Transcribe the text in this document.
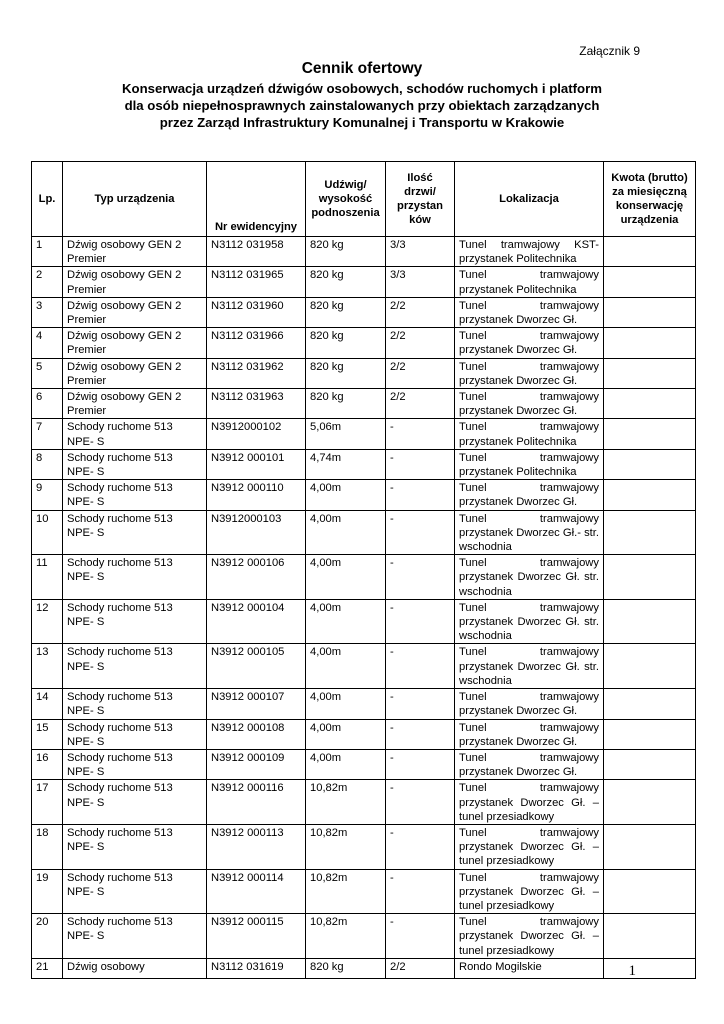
Załącznik 9
Cennik ofertowy
Konserwacja urządzeń dźwigów osobowych, schodów ruchomych i platform
dla osób niepełnosprawnych zainstalowanych przy obiektach zarządzanych
przez Zarząd Infrastruktury Komunalnej i Transportu w Krakowie
Lp.	Typ urządzenia	Nr ewidencyjny	Udźwig/ wysokość podnoszenia	Ilość drzwi/ przystan ków	Lokalizacja	Kwota (brutto) za miesięczną konserwację urządzenia
1	Dźwig osobowy GEN 2 Premier	N3112 031958	820 kg	3/3	Tunel tramwajowy KST- przystanek Politechnika	
2	Dźwig osobowy GEN 2 Premier	N3112 031965	820 kg	3/3	Tunel tramwajowy przystanek Politechnika	
3	Dźwig osobowy GEN 2 Premier	N3112 031960	820 kg	2/2	Tunel tramwajowy przystanek Dworzec Gł.	
4	Dźwig osobowy GEN 2 Premier	N3112 031966	820 kg	2/2	Tunel tramwajowy przystanek Dworzec Gł.	
5	Dźwig osobowy GEN 2 Premier	N3112 031962	820 kg	2/2	Tunel tramwajowy przystanek Dworzec Gł.	
6	Dźwig osobowy GEN 2 Premier	N3112 031963	820 kg	2/2	Tunel tramwajowy przystanek Dworzec Gł.	
7	Schody ruchome 513 NPE- S	N3912000102	5,06m	-	Tunel tramwajowy przystanek Politechnika	
8	Schody ruchome 513 NPE- S	N3912 000101	4,74m	-	Tunel tramwajowy przystanek Politechnika	
9	Schody ruchome 513 NPE- S	N3912 000110	4,00m	-	Tunel tramwajowy przystanek Dworzec Gł.	
10	Schody ruchome 513 NPE- S	N3912000103	4,00m	-	Tunel tramwajowy przystanek Dworzec Gł.- str. wschodnia	
11	Schody ruchome 513 NPE- S	N3912 000106	4,00m	-	Tunel tramwajowy przystanek Dworzec Gł. str. wschodnia	
12	Schody ruchome 513 NPE- S	N3912 000104	4,00m	-	Tunel tramwajowy przystanek Dworzec Gł. str. wschodnia	
13	Schody ruchome 513 NPE- S	N3912 000105	4,00m	-	Tunel tramwajowy przystanek Dworzec Gł. str. wschodnia	
14	Schody ruchome 513 NPE- S	N3912 000107	4,00m	-	Tunel tramwajowy przystanek Dworzec Gł.	
15	Schody ruchome 513 NPE- S	N3912 000108	4,00m	-	Tunel tramwajowy przystanek Dworzec Gł.	
16	Schody ruchome 513 NPE- S	N3912 000109	4,00m	-	Tunel tramwajowy przystanek Dworzec Gł.	
17	Schody ruchome 513 NPE- S	N3912 000116	10,82m	-	Tunel tramwajowy przystanek Dworzec Gł. – tunel przesiadkowy	
18	Schody ruchome 513 NPE- S	N3912 000113	10,82m	-	Tunel tramwajowy przystanek Dworzec Gł. – tunel przesiadkowy	
19	Schody ruchome 513 NPE- S	N3912 000114	10,82m	-	Tunel tramwajowy przystanek Dworzec Gł. – tunel przesiadkowy	
20	Schody ruchome 513 NPE- S	N3912 000115	10,82m	-	Tunel tramwajowy przystanek Dworzec Gł. – tunel przesiadkowy	
21	Dźwig osobowy	N3112 031619	820 kg	2/2	Rondo Mogilskie		1
